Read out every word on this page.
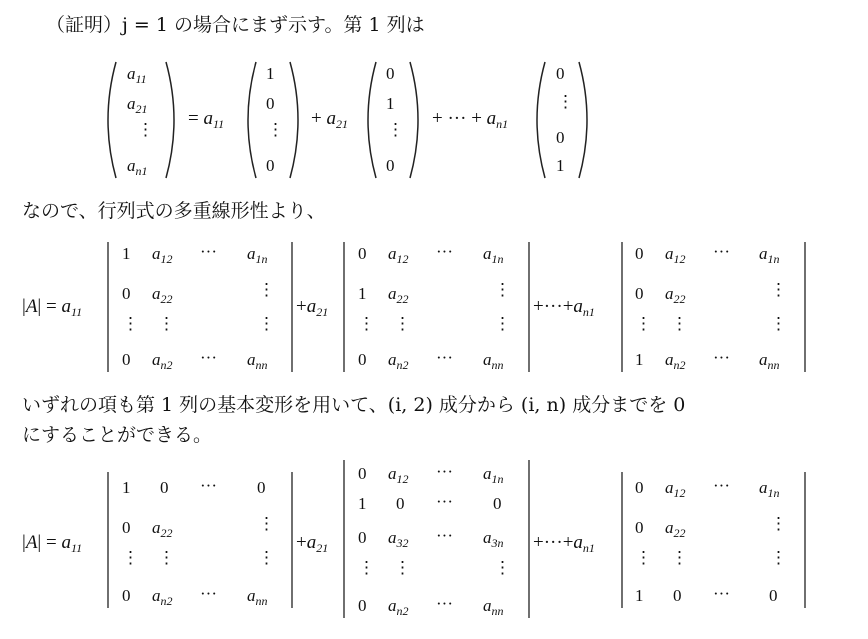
（証明）j = 1 の場合にまず示す。第 1 列は
$a_{11}$
$a_{21}$
⋮
$a_{n1}$
= $a_{11}$
1
0
⋮
0
+ $a_{21}$
0
1
⋮
0
+ ··· + $a_{n1}$
0
⋮
0
1
なので、行列式の多重線形性より、
$|A| = a_{11}$
1 $a_{12}$ ··· $a_{1n}$
0 $a_{22}$	⋮
⋮ ⋮	⋮
0 $a_{n2}$ ··· $a_{nn}$
$+a_{21}$
0 $a_{12}$ ··· $a_{1n}$
1 $a_{22}$	⋮
⋮ ⋮	⋮
0 $a_{n2}$ ··· $a_{nn}$
$+\cdot\cdot\cdot+a_{n1}$
0 $a_{12}$ ··· $a_{1n}$
0 $a_{22}$	⋮
⋮ ⋮	⋮
1 $a_{n2}$ ··· $a_{nn}$
いずれの項も第 1 列の基本変形を用いて、(i, 2) 成分から (i, n) 成分までを 0
にすることができる。
$|A| = a_{11}$
1 0 ··· 0
0 $a_{22}$	⋮
⋮ ⋮	⋮
0 $a_{n2}$ ··· $a_{nn}$
$+a_{21}$
0 $a_{12}$ ··· $a_{1n}$
1 0 ··· 0
0 $a_{32}$ ··· $a_{3n}$
⋮ ⋮	⋮
0 $a_{n2}$ ··· $a_{nn}$
$+\cdot\cdot\cdot+a_{n1}$
0 $a_{12}$ ··· $a_{1n}$
0 $a_{22}$	⋮
⋮ ⋮	⋮
1 0 ··· 0
